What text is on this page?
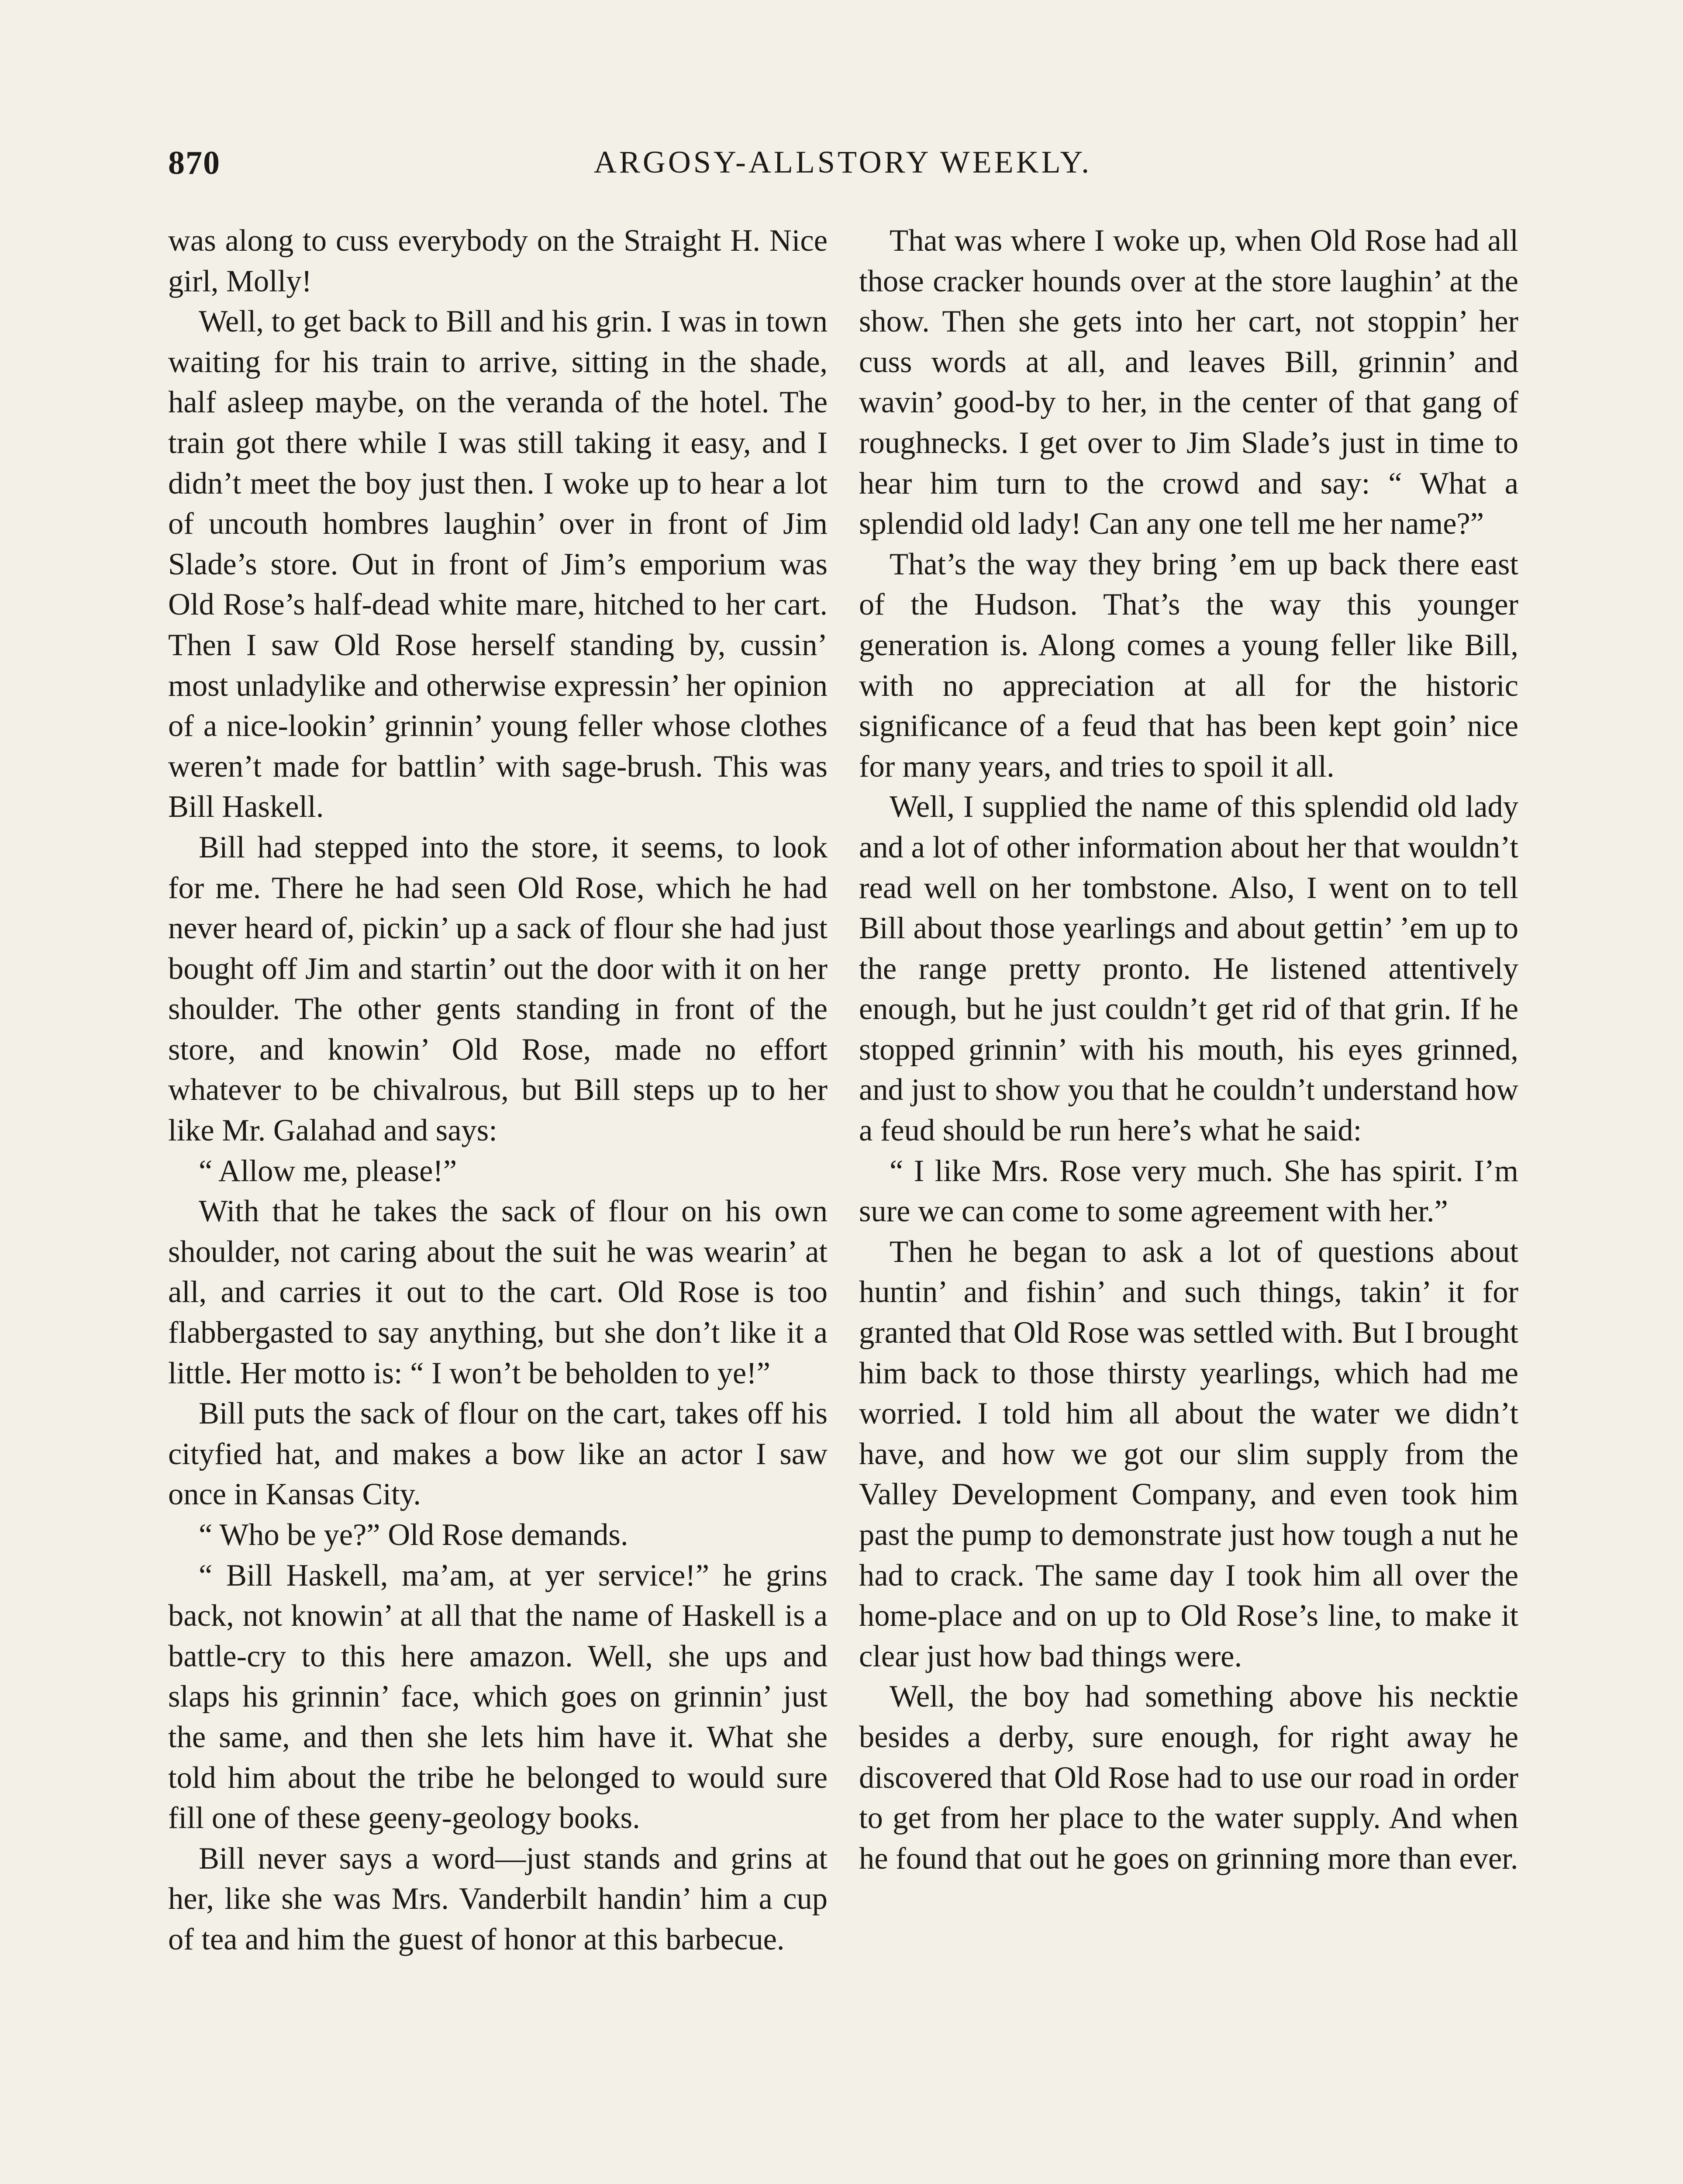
870	ARGOSY-ALLSTORY WEEKLY.

was along to cuss everybody on the Straight H. Nice girl, Molly!

Well, to get back to Bill and his grin. I was in town waiting for his train to arrive, sitting in the shade, half asleep maybe, on the veranda of the hotel. The train got there while I was still taking it easy, and I didn’t meet the boy just then. I woke up to hear a lot of uncouth hombres laughin’ over in front of Jim Slade’s store. Out in front of Jim’s emporium was Old Rose’s half-dead white mare, hitched to her cart. Then I saw Old Rose herself standing by, cussin’ most unladylike and otherwise expressin’ her opinion of a nice-lookin’ grinnin’ young feller whose clothes weren’t made for battlin’ with sage-brush. This was Bill Haskell.

Bill had stepped into the store, it seems, to look for me. There he had seen Old Rose, which he had never heard of, pickin’ up a sack of flour she had just bought off Jim and startin’ out the door with it on her shoulder. The other gents standing in front of the store, and knowin’ Old Rose, made no effort whatever to be chivalrous, but Bill steps up to her like Mr. Galahad and says:

“ Allow me, please!”

With that he takes the sack of flour on his own shoulder, not caring about the suit he was wearin’ at all, and carries it out to the cart. Old Rose is too flabbergasted to say anything, but she don’t like it a little. Her motto is: “ I won’t be beholden to ye!”

Bill puts the sack of flour on the cart, takes off his cityfied hat, and makes a bow like an actor I saw once in Kansas City.

“ Who be ye?” Old Rose demands.

“ Bill Haskell, ma’am, at yer service!” he grins back, not knowin’ at all that the name of Haskell is a battle-cry to this here amazon. Well, she ups and slaps his grinnin’ face, which goes on grinnin’ just the same, and then she lets him have it. What she told him about the tribe he belonged to would sure fill one of these geeny-geology books.

Bill never says a word—just stands and grins at her, like she was Mrs. Vanderbilt handin’ him a cup of tea and him the guest of honor at this barbecue.

That was where I woke up, when Old Rose had all those cracker hounds over at the store laughin’ at the show. Then she gets into her cart, not stoppin’ her cuss words at all, and leaves Bill, grinnin’ and wavin’ good-by to her, in the center of that gang of roughnecks. I get over to Jim Slade’s just in time to hear him turn to the crowd and say: “ What a splendid old lady! Can any one tell me her name?”

That’s the way they bring ’em up back there east of the Hudson. That’s the way this younger generation is. Along comes a young feller like Bill, with no appreciation at all for the historic significance of a feud that has been kept goin’ nice for many years, and tries to spoil it all.

Well, I supplied the name of this splendid old lady and a lot of other information about her that wouldn’t read well on her tombstone. Also, I went on to tell Bill about those yearlings and about gettin’ ’em up to the range pretty pronto. He listened attentively enough, but he just couldn’t get rid of that grin. If he stopped grinnin’ with his mouth, his eyes grinned, and just to show you that he couldn’t understand how a feud should be run here’s what he said:

“ I like Mrs. Rose very much. She has spirit. I’m sure we can come to some agreement with her.”

Then he began to ask a lot of questions about huntin’ and fishin’ and such things, takin’ it for granted that Old Rose was settled with. But I brought him back to those thirsty yearlings, which had me worried. I told him all about the water we didn’t have, and how we got our slim supply from the Valley Development Company, and even took him past the pump to demonstrate just how tough a nut he had to crack. The same day I took him all over the home-place and on up to Old Rose’s line, to make it clear just how bad things were.

Well, the boy had something above his necktie besides a derby, sure enough, for right away he discovered that Old Rose had to use our road in order to get from her place to the water supply. And when he found that out he goes on grinning more than ever.
